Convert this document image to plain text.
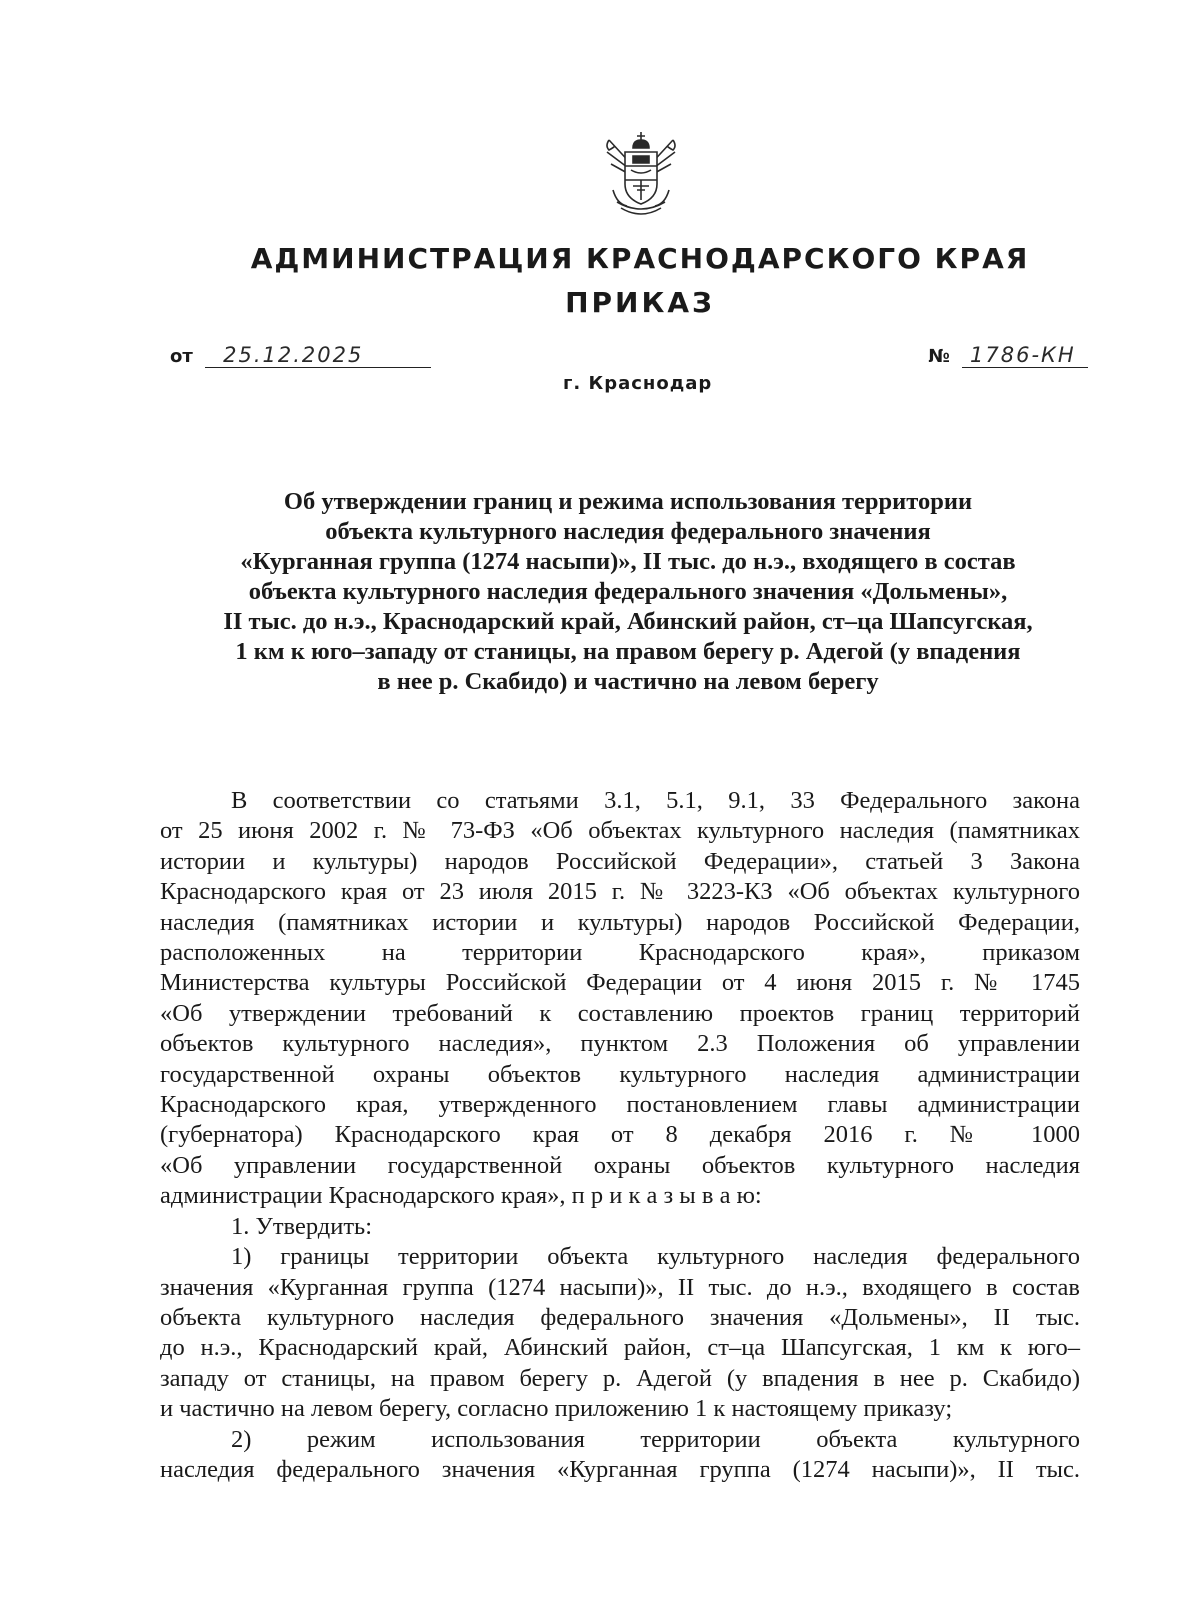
АДМИНИСТРАЦИЯ КРАСНОДАРСКОГО КРАЯ
ПРИКАЗ
от 25.12.2025	№ 1786-КН
г. Краснодар
Об утверждении границ и режима использования территории
объекта культурного наследия федерального значения
«Курганная группа (1274 насыпи)», II тыс. до н.э., входящего в состав
объекта культурного наследия федерального значения «Дольмены»,
II тыс. до н.э., Краснодарский край, Абинский район, ст–ца Шапсугская,
1 км к юго–западу от станицы, на правом берегу р. Адегой (у впадения
в нее р. Скабидо) и частично на левом берегу
В соответствии со статьями 3.1, 5.1, 9.1, 33 Федерального закона
от 25 июня 2002 г. № 73-ФЗ «Об объектах культурного наследия (памятниках
истории и культуры) народов Российской Федерации», статьей 3 Закона
Краснодарского края от 23 июля 2015 г. № 3223-КЗ «Об объектах культурного
наследия (памятниках истории и культуры) народов Российской Федерации,
расположенных на территории Краснодарского края», приказом
Министерства культуры Российской Федерации от 4 июня 2015 г. № 1745
«Об утверждении требований к составлению проектов границ территорий
объектов культурного наследия», пунктом 2.3 Положения об управлении
государственной охраны объектов культурного наследия администрации
Краснодарского края, утвержденного постановлением главы администрации
(губернатора) Краснодарского края от 8 декабря 2016 г. № 1000
«Об управлении государственной охраны объектов культурного наследия
администрации Краснодарского края», п р и к а з ы в а ю:
1. Утвердить:
1) границы территории объекта культурного наследия федерального
значения «Курганная группа (1274 насыпи)», II тыс. до н.э., входящего в состав
объекта культурного наследия федерального значения «Дольмены», II тыс.
до н.э., Краснодарский край, Абинский район, ст–ца Шапсугская, 1 км к юго–
западу от станицы, на правом берегу р. Адегой (у впадения в нее р. Скабидо)
и частично на левом берегу, согласно приложению 1 к настоящему приказу;
2) режим использования территории объекта культурного
наследия федерального значения «Курганная группа (1274 насыпи)», II тыс.
